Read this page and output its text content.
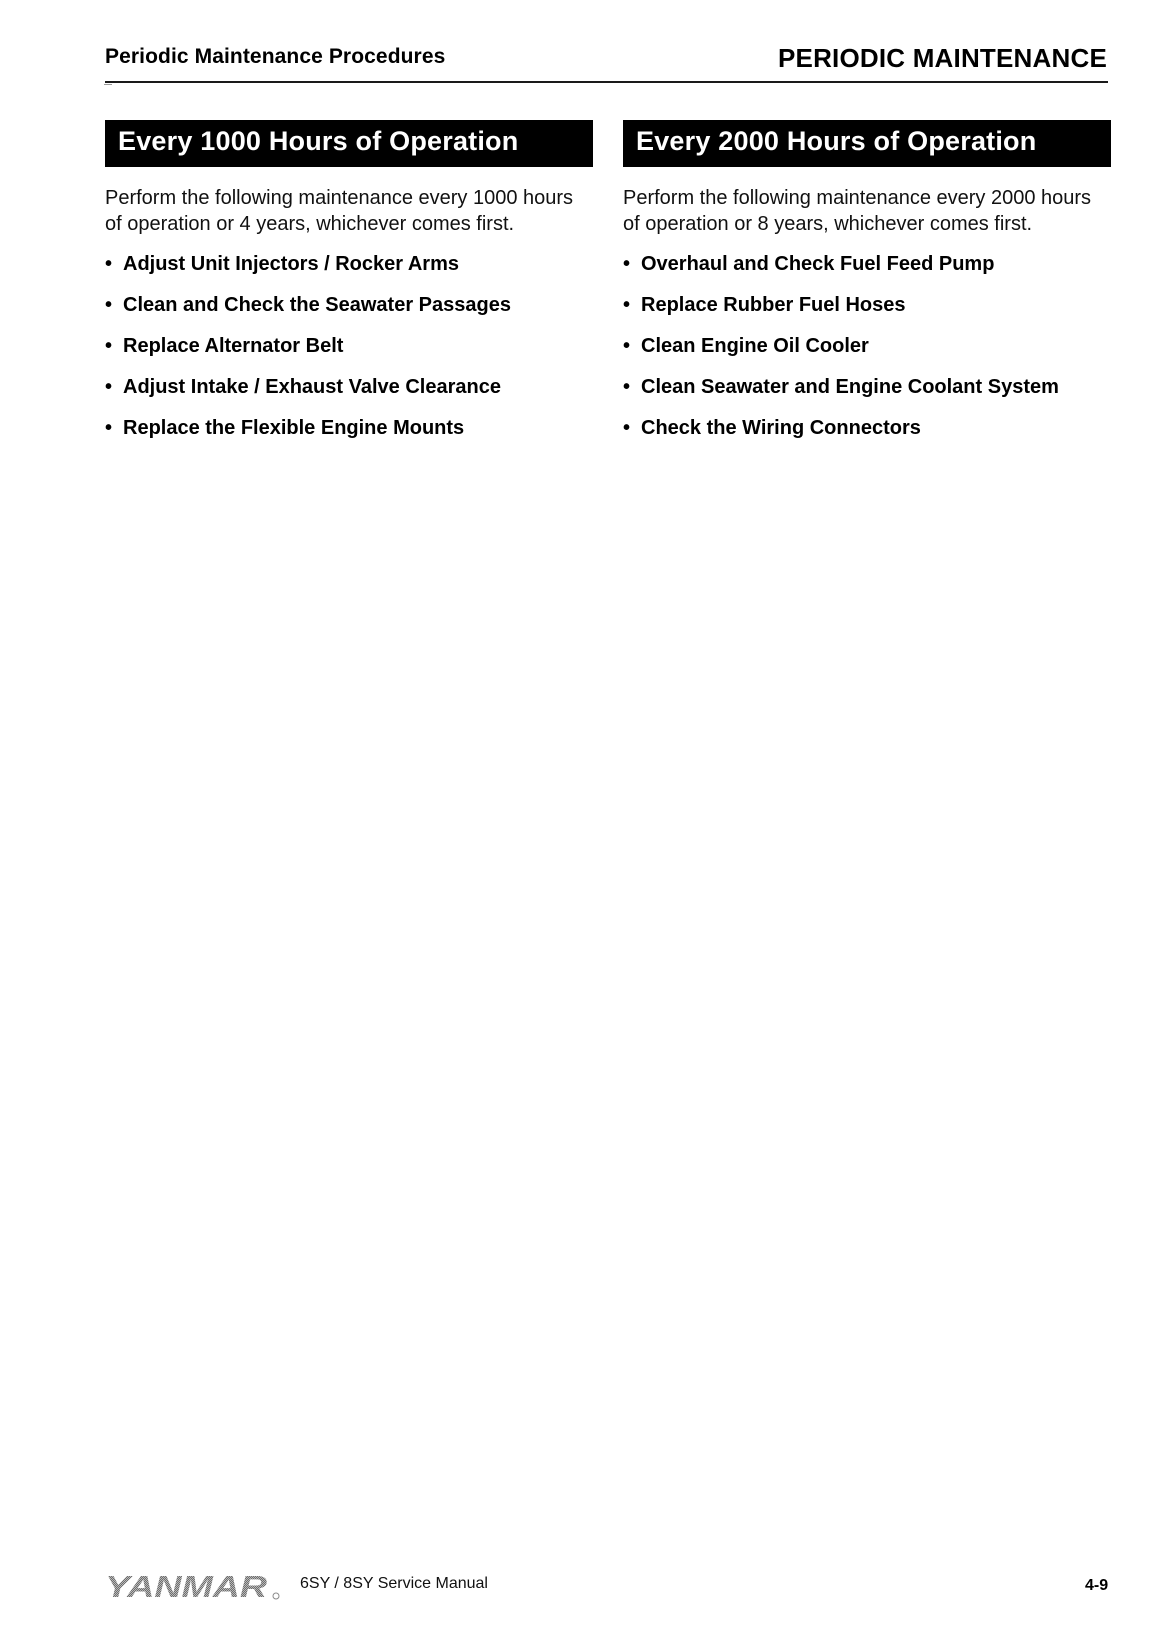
Periodic Maintenance Procedures	PERIODIC MAINTENANCE
Every 1000 Hours of Operation

Perform the following maintenance every 1000 hours of operation or 4 years, whichever comes first.

• Adjust Unit Injectors / Rocker Arms
• Clean and Check the Seawater Passages
• Replace Alternator Belt
• Adjust Intake / Exhaust Valve Clearance
• Replace the Flexible Engine Mounts
Every 2000 Hours of Operation

Perform the following maintenance every 2000 hours of operation or 8 years, whichever comes first.

• Overhaul and Check Fuel Feed Pump
• Replace Rubber Fuel Hoses
• Clean Engine Oil Cooler
• Clean Seawater and Engine Coolant System
• Check the Wiring Connectors
YANMAR 6SY / 8SY Service Manual	4-9
